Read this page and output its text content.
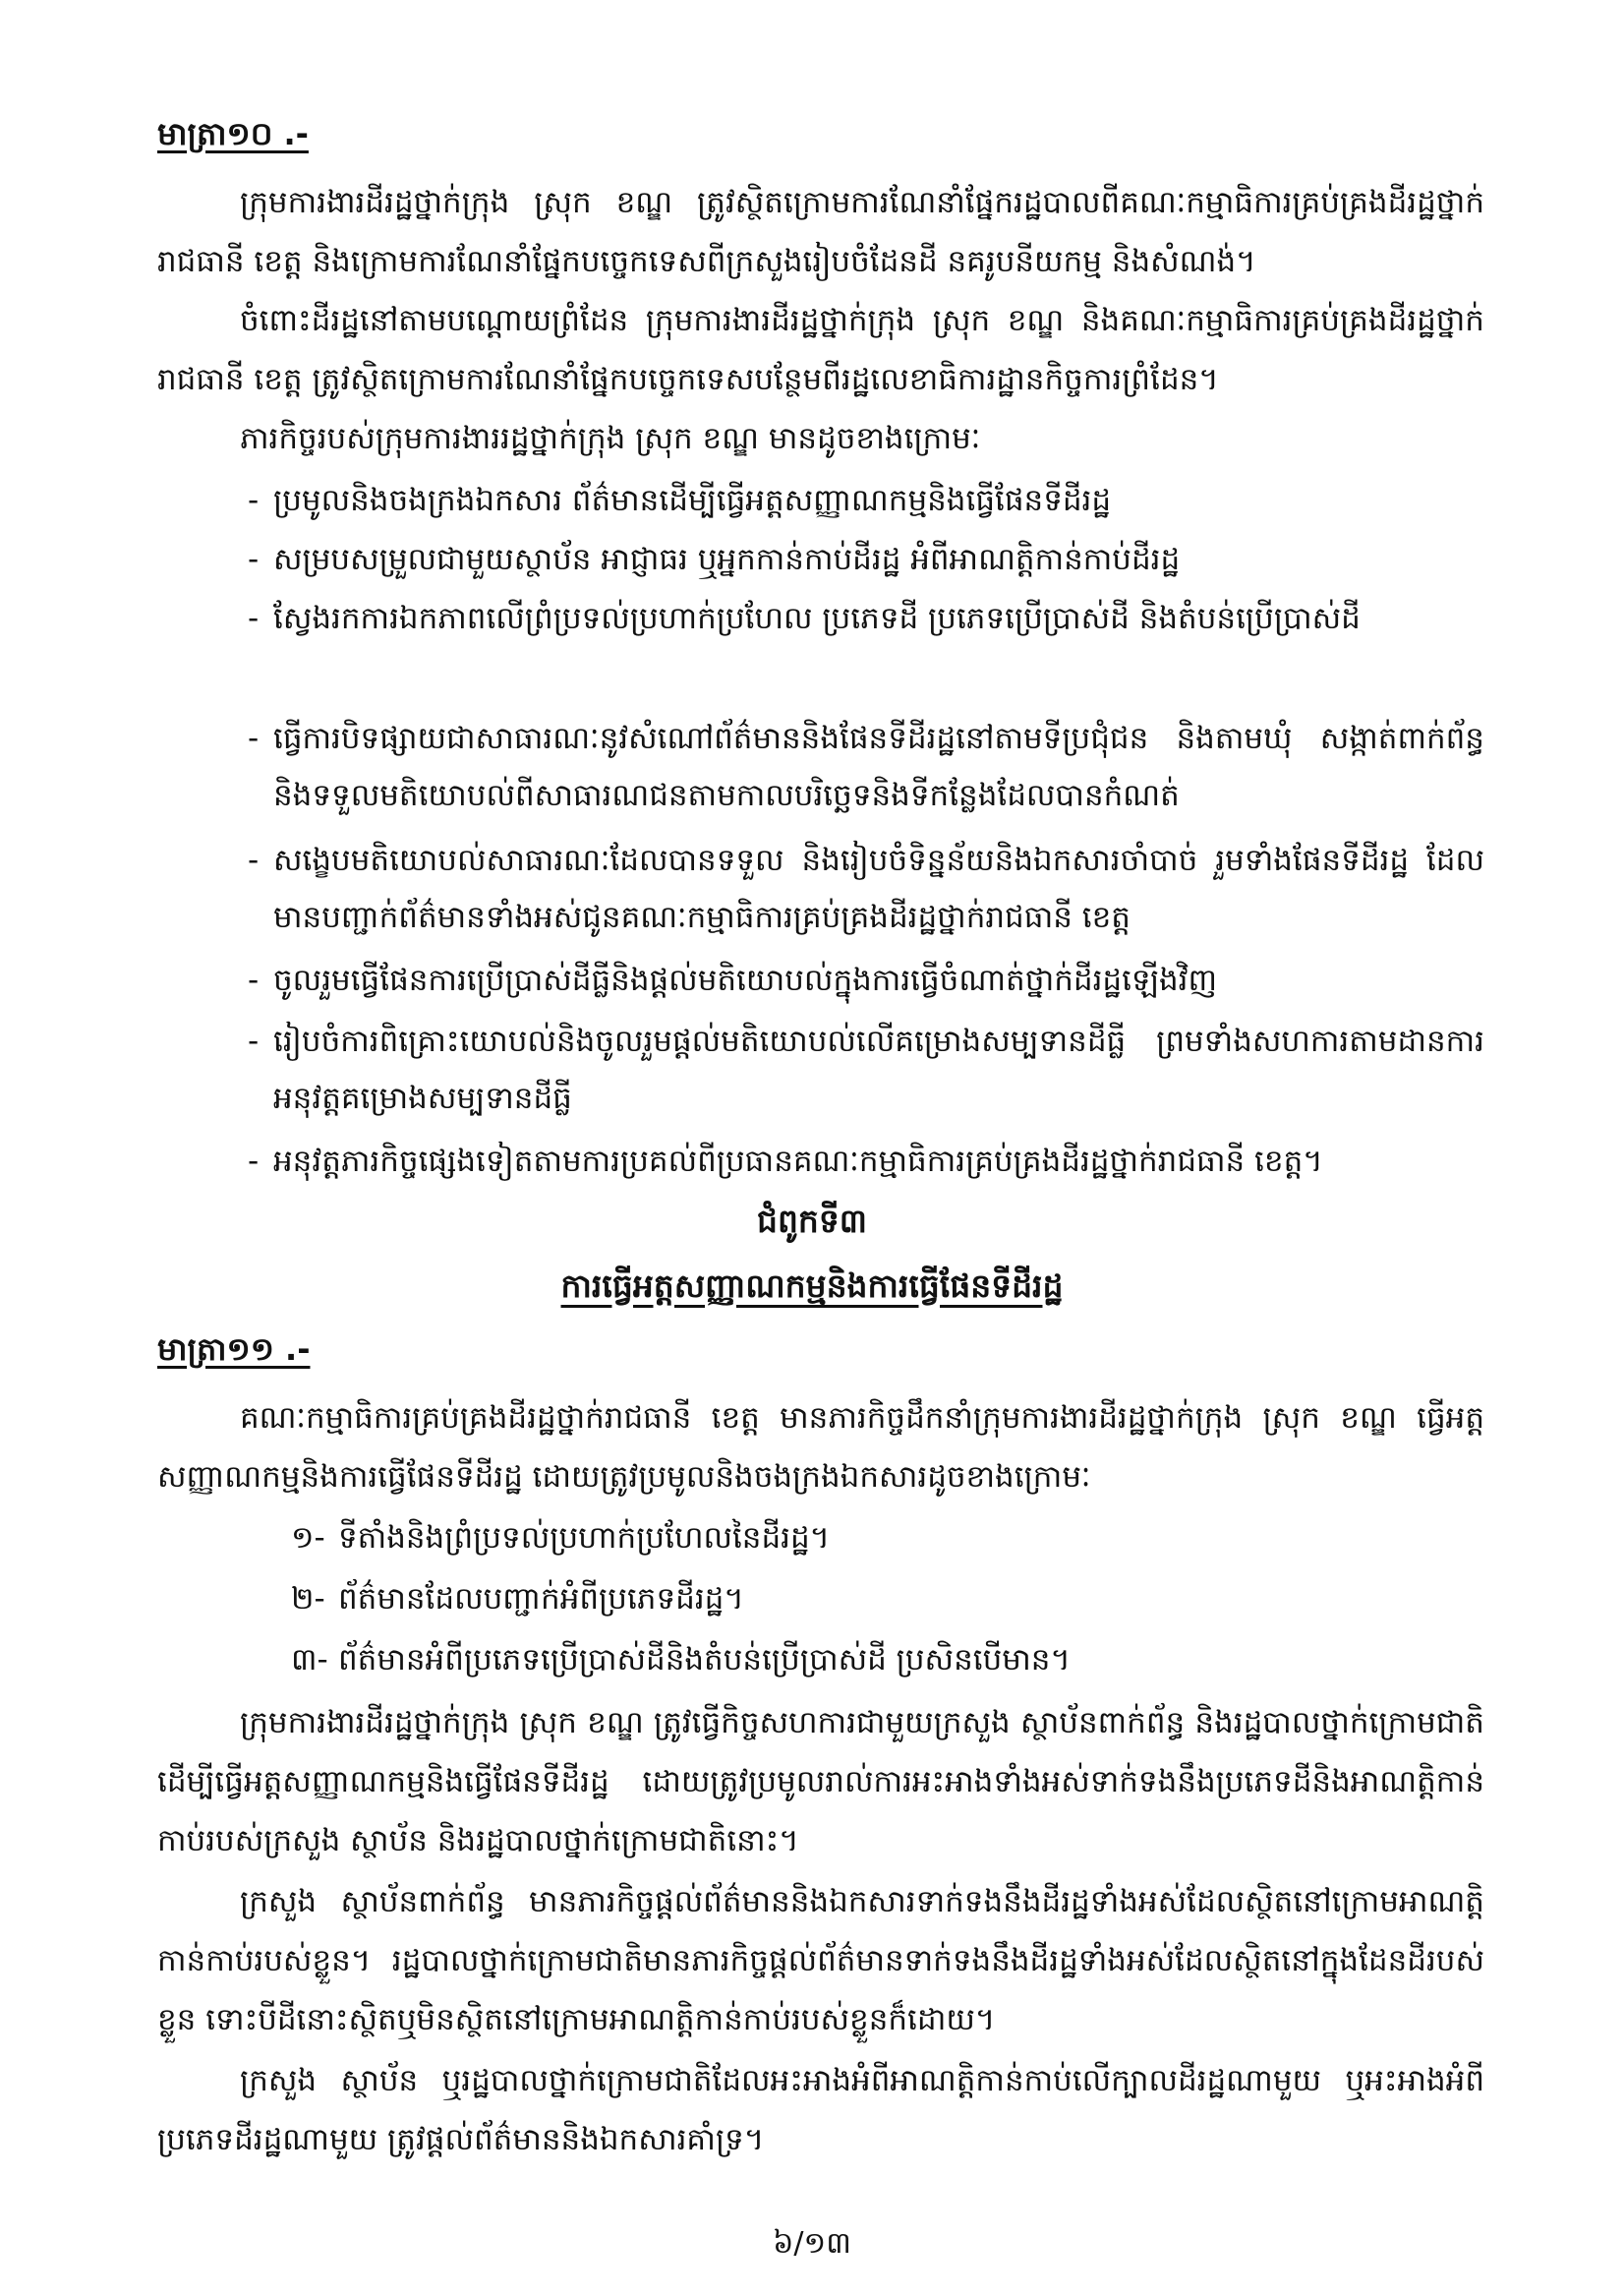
មាត្រា១០ .-
ក្រុមការងារដីរដ្ឋថ្នាក់ក្រុង ស្រុក ខណ្ឌ ត្រូវស្ថិតក្រោមការណែនាំផ្នែករដ្ឋបាលពីគណៈកម្មាធិការគ្រប់គ្រងដីរដ្ឋថ្នាក់រាជធានី ខេត្ត និងក្រោមការណែនាំផ្នែកបច្ចេកទេសពីក្រសួងរៀបចំដែនដី នគរូបនីយកម្ម និងសំណង់។
ចំពោះដីរដ្ឋនៅតាមបណ្តោយព្រំដែន ក្រុមការងារដីរដ្ឋថ្នាក់ក្រុង ស្រុក ខណ្ឌ និងគណៈកម្មាធិការគ្រប់គ្រងដីរដ្ឋថ្នាក់រាជធានី ខេត្ត ត្រូវស្ថិតក្រោមការណែនាំផ្នែកបច្ចេកទេសបន្ថែមពីរដ្ឋលេខាធិការដ្ឋានកិច្ចការព្រំដែន។
ភារកិច្ចរបស់ក្រុមការងាររដ្ឋថ្នាក់ក្រុង ស្រុក ខណ្ឌ មានដូចខាងក្រោមៈ
- ប្រមូលនិងចងក្រងឯកសារ ព័ត៌មានដើម្បីធ្វើអត្តសញ្ញាណកម្មនិងធ្វើផែនទីដីរដ្ឋ
- សម្របសម្រួលជាមួយស្ថាប័ន អាជ្ញាធរ ឬអ្នកកាន់កាប់ដីរដ្ឋ អំពីអាណត្តិកាន់កាប់ដីរដ្ឋ
- ស្វែងរកការឯកភាពលើព្រំប្រទល់ប្រហាក់ប្រហែល ប្រភេទដី ប្រភេទប្រើប្រាស់ដី និងតំបន់ប្រើប្រាស់ដី
- ធ្វើការបិទផ្សាយជាសាធារណៈនូវសំណៅព័ត៌មាននិងផែនទីដីរដ្ឋនៅតាមទីប្រជុំជន និងតាមឃុំ សង្កាត់ពាក់ព័ន្ធ និងទទួលមតិយោបល់ពីសាធារណជនតាមកាលបរិច្ឆេទនិងទីកន្លែងដែលបានកំណត់
- សង្ខេបមតិយោបល់សាធារណៈដែលបានទទួល និងរៀបចំទិន្នន័យនិងឯកសារចាំបាច់ រួមទាំងផែនទីដីរដ្ឋ ដែលមានបញ្ជាក់ព័ត៌មានទាំងអស់ជូនគណៈកម្មាធិការគ្រប់គ្រងដីរដ្ឋថ្នាក់រាជធានី ខេត្ត
- ចូលរួមធ្វើផែនការប្រើប្រាស់ដីធ្លីនិងផ្តល់មតិយោបល់ក្នុងការធ្វើចំណាត់ថ្នាក់ដីរដ្ឋឡើងវិញ
- រៀបចំការពិគ្រោះយោបល់និងចូលរួមផ្តល់មតិយោបល់លើគម្រោងសម្បទានដីធ្លី ព្រមទាំងសហការតាមដានការអនុវត្តគម្រោងសម្បទានដីធ្លី
- អនុវត្តភារកិច្ចផ្សេងទៀតតាមការប្រគល់ពីប្រធានគណៈកម្មាធិការគ្រប់គ្រងដីរដ្ឋថ្នាក់រាជធានី ខេត្ត។
ជំពូកទី៣
ការធ្វើអត្តសញ្ញាណកម្មនិងការធ្វើផែនទីដីរដ្ឋ
មាត្រា១១ .-
គណៈកម្មាធិការគ្រប់គ្រងដីរដ្ឋថ្នាក់រាជធានី ខេត្ត មានភារកិច្ចដឹកនាំក្រុមការងារដីរដ្ឋថ្នាក់ក្រុង ស្រុក ខណ្ឌ ធ្វើអត្តសញ្ញាណកម្មនិងការធ្វើផែនទីដីរដ្ឋ ដោយត្រូវប្រមូលនិងចងក្រងឯកសារដូចខាងក្រោមៈ
១- ទីតាំងនិងព្រំប្រទល់ប្រហាក់ប្រហែលនៃដីរដ្ឋ។
២- ព័ត៌មានដែលបញ្ជាក់អំពីប្រភេទដីរដ្ឋ។
៣- ព័ត៌មានអំពីប្រភេទប្រើប្រាស់ដីនិងតំបន់ប្រើប្រាស់ដី ប្រសិនបើមាន។
ក្រុមការងារដីរដ្ឋថ្នាក់ក្រុង ស្រុក ខណ្ឌ ត្រូវធ្វើកិច្ចសហការជាមួយក្រសួង ស្ថាប័នពាក់ព័ន្ធ និងរដ្ឋបាលថ្នាក់ក្រោមជាតិ ដើម្បីធ្វើអត្តសញ្ញាណកម្មនិងធ្វើផែនទីដីរដ្ឋ ដោយត្រូវប្រមូលរាល់ការអះអាងទាំងអស់ទាក់ទងនឹងប្រភេទដីនិងអាណត្តិកាន់កាប់របស់ក្រសួង ស្ថាប័ន និងរដ្ឋបាលថ្នាក់ក្រោមជាតិនោះ។
ក្រសួង ស្ថាប័នពាក់ព័ន្ធ មានភារកិច្ចផ្តល់ព័ត៌មាននិងឯកសារទាក់ទងនឹងដីរដ្ឋទាំងអស់ដែលស្ថិតនៅក្រោមអាណត្តិកាន់កាប់របស់ខ្លួន។ រដ្ឋបាលថ្នាក់ក្រោមជាតិមានភារកិច្ចផ្តល់ព័ត៌មានទាក់ទងនឹងដីរដ្ឋទាំងអស់ដែលស្ថិតនៅក្នុងដែនដីរបស់ខ្លួន ទោះបីដីនោះស្ថិតឬមិនស្ថិតនៅក្រោមអាណត្តិកាន់កាប់របស់ខ្លួនក៏ដោយ។
ក្រសួង ស្ថាប័ន ឬរដ្ឋបាលថ្នាក់ក្រោមជាតិដែលអះអាងអំពីអាណត្តិកាន់កាប់លើក្បាលដីរដ្ឋណាមួយ ឬអះអាងអំពីប្រភេទដីរដ្ឋណាមួយ ត្រូវផ្តល់ព័ត៌មាននិងឯកសារគាំទ្រ។
៦/១៣
